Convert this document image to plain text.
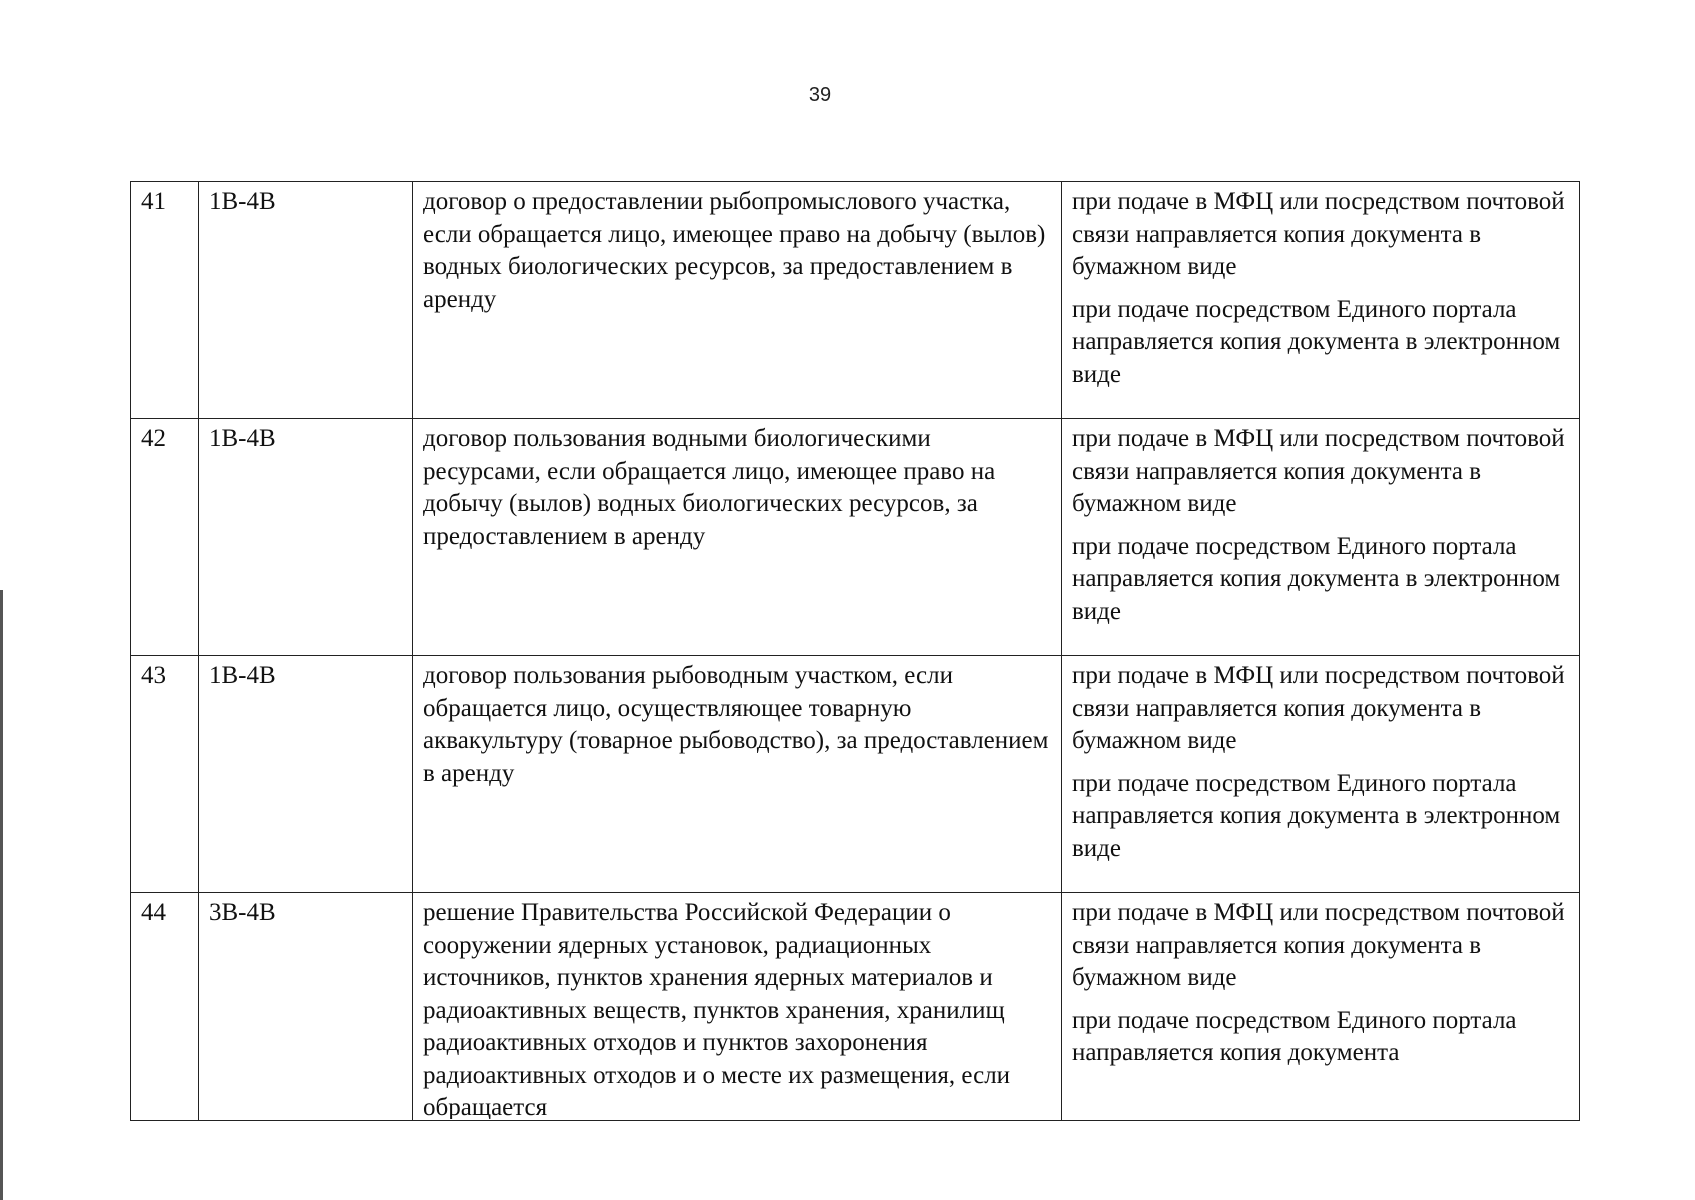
39
41	1В-4В	договор о предоставлении рыбопромыслового участка, если обращается лицо, имеющее право на добычу (вылов) водных биологических ресурсов, за предоставлением в аренду	при подаче в МФЦ или посредством почтовой связи направляется копия документа в бумажном виде

при подаче посредством Единого портала направляется копия документа в электронном виде

42	1В-4В	договор пользования водными биологическими ресурсами, если обращается лицо, имеющее право на добычу (вылов) водных биологических ресурсов, за предоставлением в аренду	при подаче в МФЦ или посредством почтовой связи направляется копия документа в бумажном виде

при подаче посредством Единого портала направляется копия документа в электронном виде

43	1В-4В	договор пользования рыбоводным участком, если обращается лицо, осуществляющее товарную аквакультуру (товарное рыбоводство), за предоставлением в аренду	при подаче в МФЦ или посредством почтовой связи направляется копия документа в бумажном виде

при подаче посредством Единого портала направляется копия документа в электронном виде

44	3В-4В	решение Правительства Российской Федерации о сооружении ядерных установок, радиационных источников, пунктов хранения ядерных материалов и радиоактивных веществ, пунктов хранения, хранилищ радиоактивных отходов и пунктов захоронения радиоактивных отходов и о месте их размещения, если обращается	при подаче в МФЦ или посредством почтовой связи направляется копия документа в бумажном виде

при подаче посредством Единого портала направляется копия документа
